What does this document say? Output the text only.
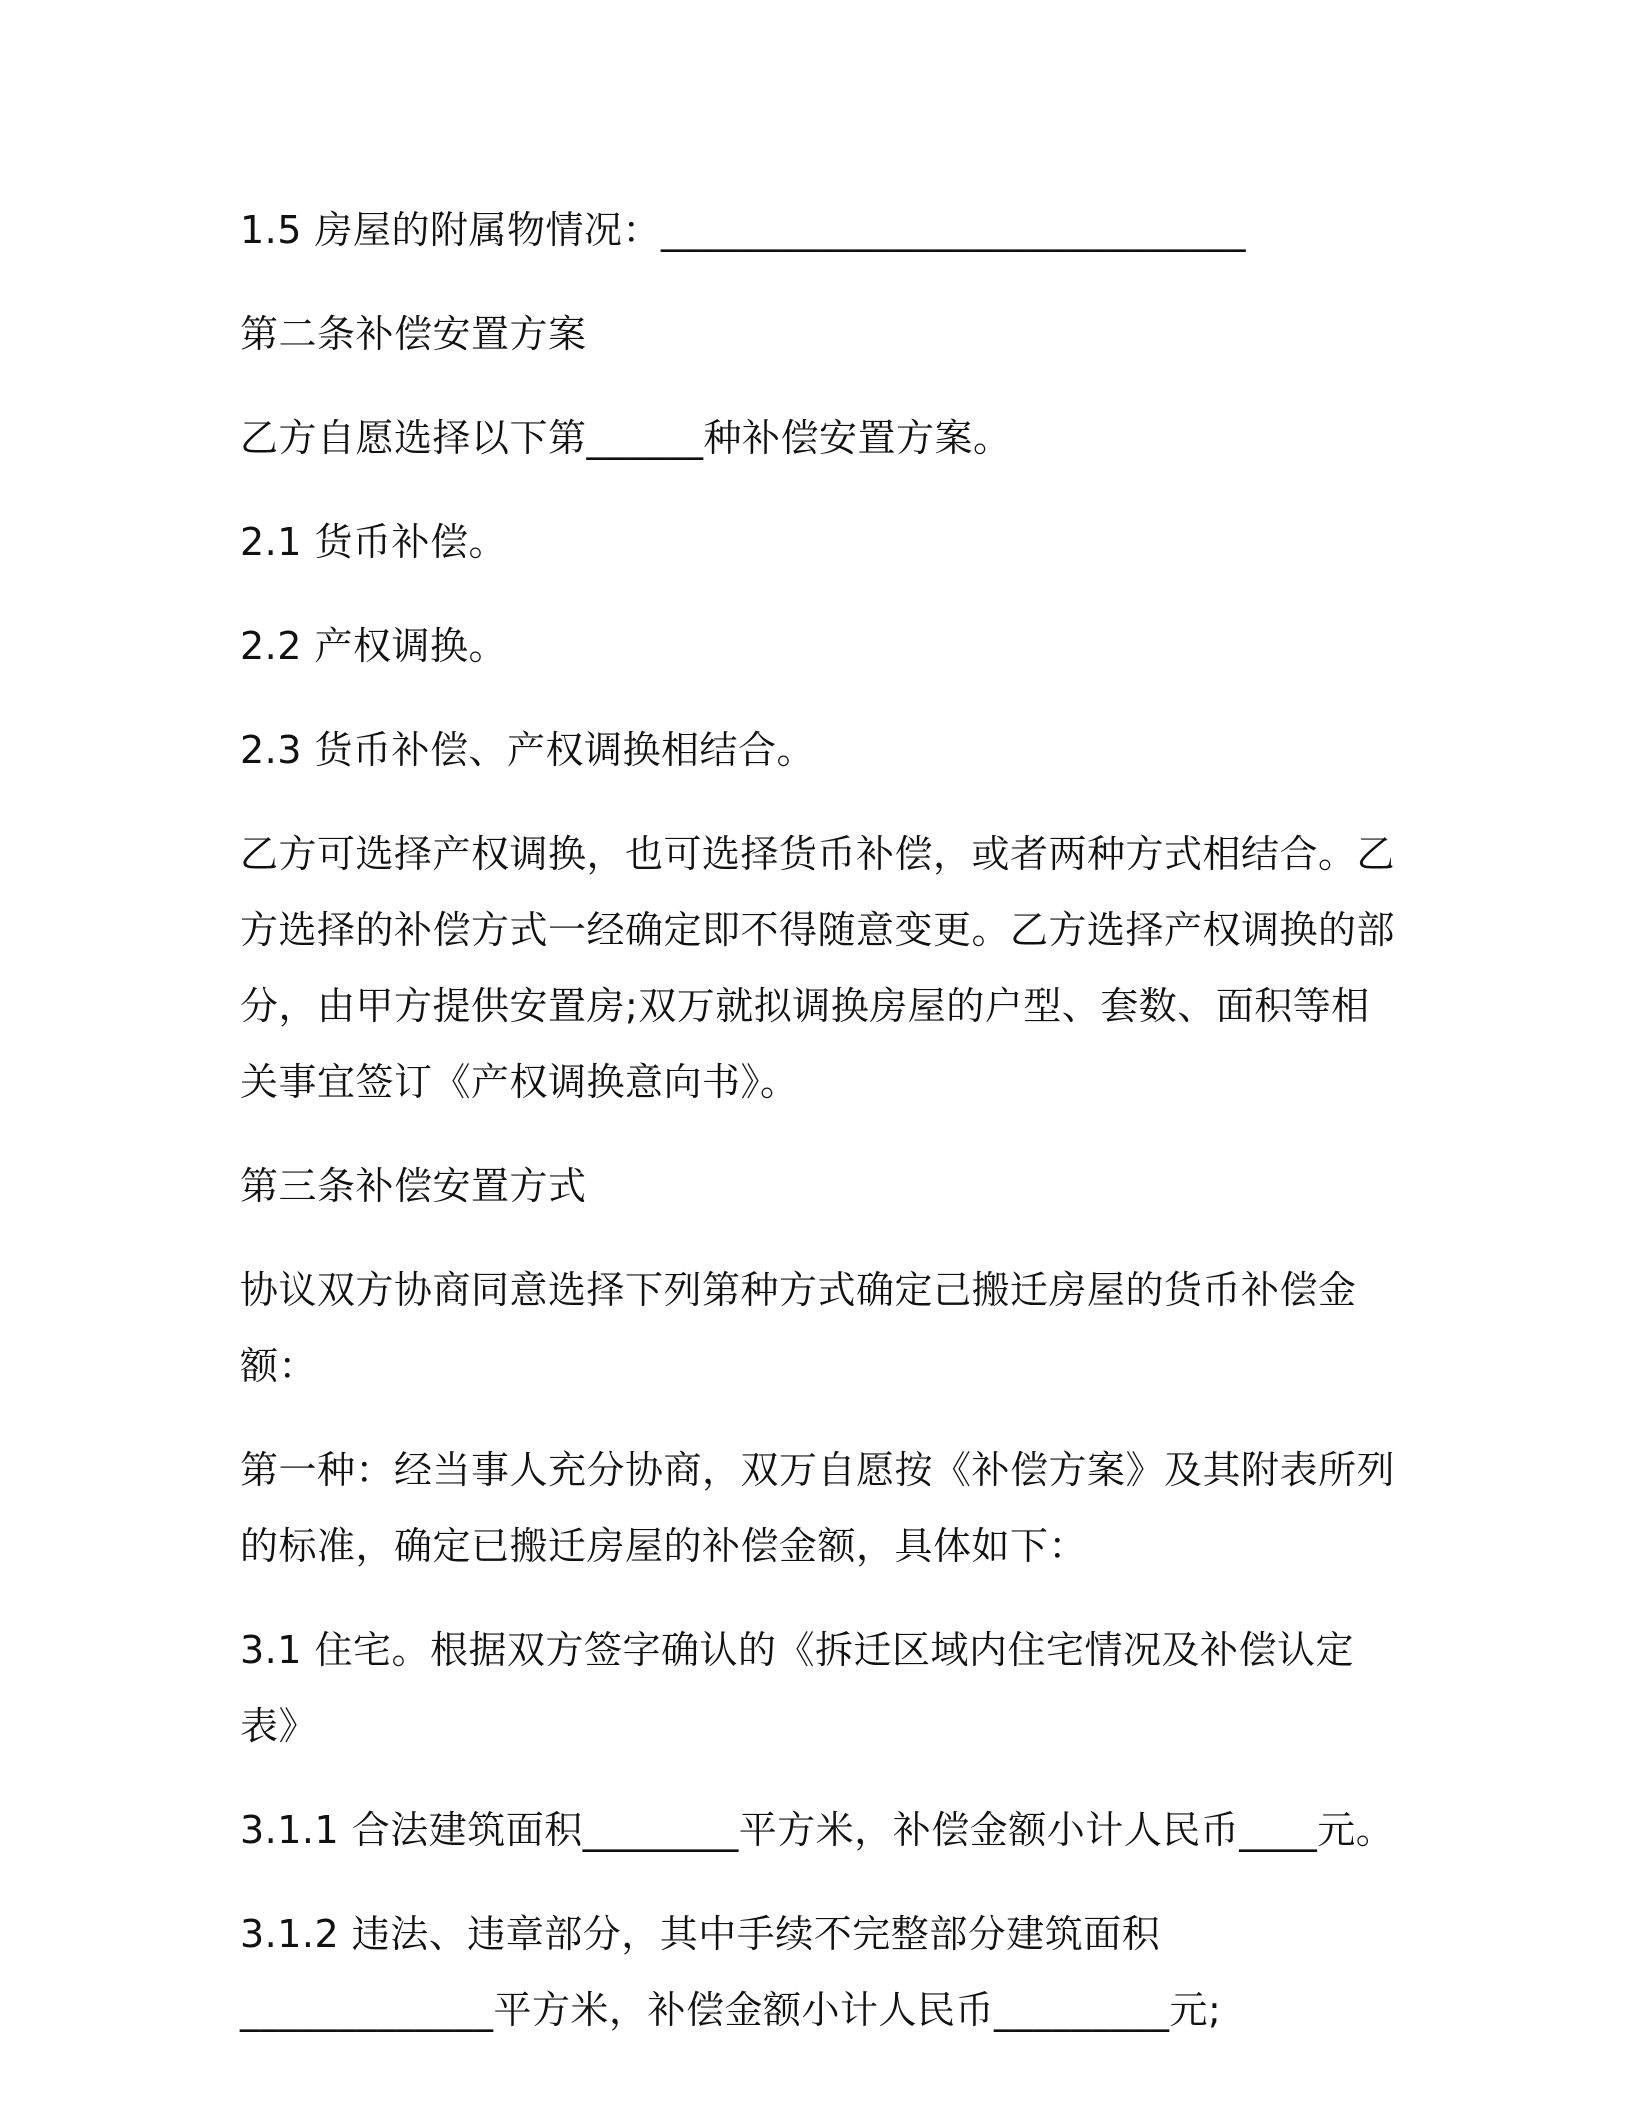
1.5 房屋的附属物情况：______________________________

第二条补偿安置方案

乙方自愿选择以下第______种补偿安置方案。

2.1 货币补偿。

2.2 产权调换。

2.3 货币补偿、产权调换相结合。

乙方可选择产权调换，也可选择货币补偿，或者两种方式相结合。乙方选择的补偿方式一经确定即不得随意变更。乙方选择产权调换的部分，由甲方提供安置房;双万就拟调换房屋的户型、套数、面积等相关事宜签订《产权调换意向书》。

第三条补偿安置方式

协议双方协商同意选择下列第种方式确定己搬迁房屋的货币补偿金额：

第一种：经当事人充分协商，双万自愿按《补偿方案》及其附表所列的标准，确定已搬迁房屋的补偿金额，具体如下：

3.1 住宅。根据双方签字确认的《拆迁区域内住宅情况及补偿认定表》

3.1.1 合法建筑面积________平方米，补偿金额小计人民币____元。

3.1.2 违法、违章部分，其中手续不完整部分建筑面积 _____________平方米，补偿金额小计人民币_________元;
